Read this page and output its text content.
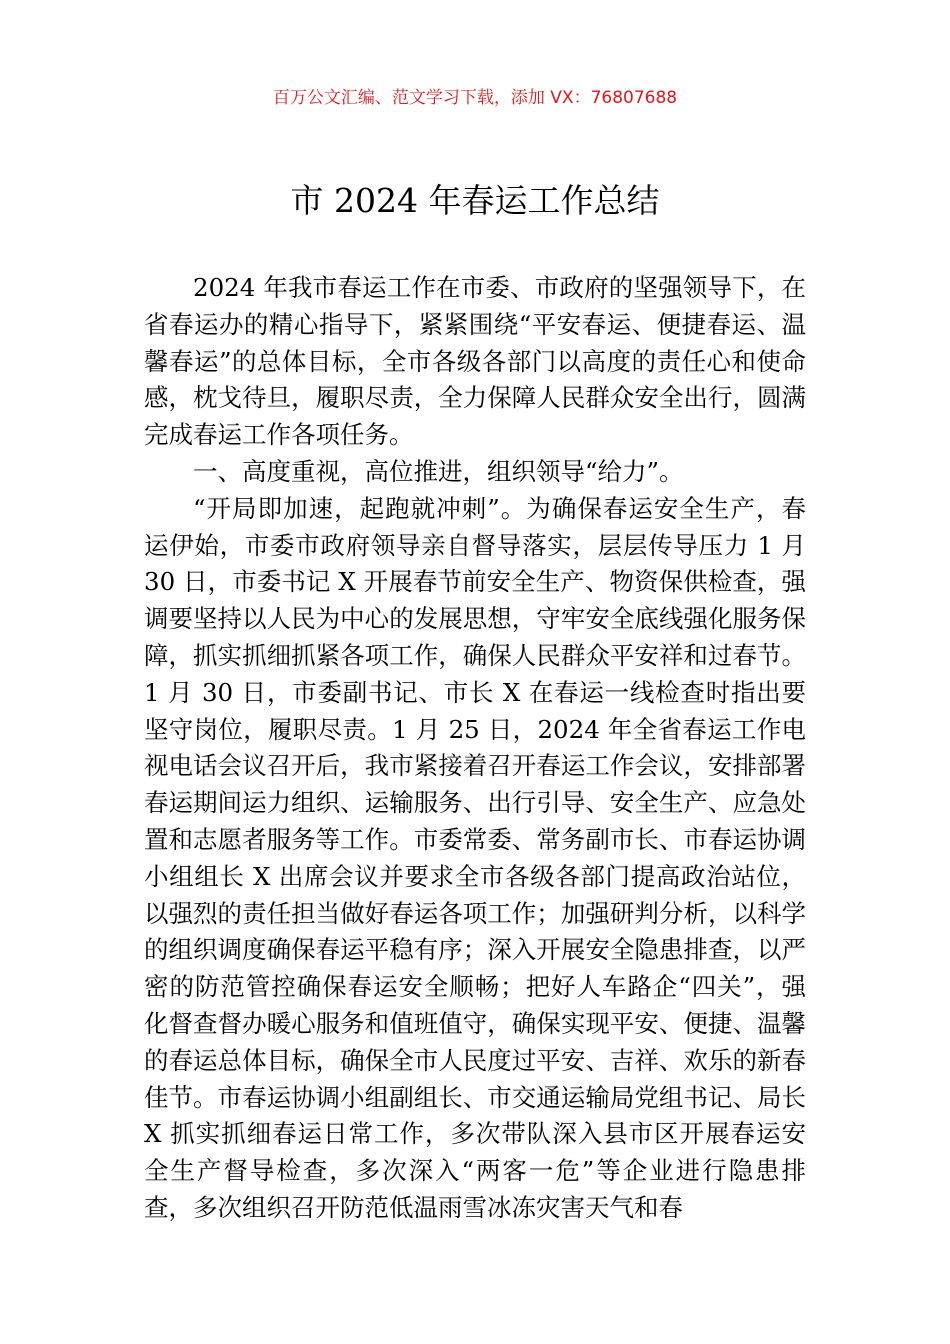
百万公文汇编、范文学习下载，添加 VX：76807688
市 2024 年春运工作总结

2024 年我市春运工作在市委、市政府的坚强领导下，在省春运办的精心指导下，紧紧围绕“平安春运、便捷春运、温馨春运”的总体目标，全市各级各部门以高度的责任心和使命感，枕戈待旦，履职尽责，全力保障人民群众安全出行，圆满完成春运工作各项任务。

一、高度重视，高位推进，组织领导“给力”。

“开局即加速，起跑就冲刺”。为确保春运安全生产，春运伊始，市委市政府领导亲自督导落实，层层传导压力 1 月 30 日，市委书记 X 开展春节前安全生产、物资保供检查，强调要坚持以人民为中心的发展思想，守牢安全底线强化服务保障，抓实抓细抓紧各项工作，确保人民群众平安祥和过春节。1 月 30 日，市委副书记、市长 X 在春运一线检查时指出要坚守岗位，履职尽责。1 月 25 日，2024 年全省春运工作电视电话会议召开后，我市紧接着召开春运工作会议，安排部署春运期间运力组织、运输服务、出行引导、安全生产、应急处置和志愿者服务等工作。市委常委、常务副市长、市春运协调小组组长 X 出席会议并要求全市各级各部门提高政治站位，以强烈的责任担当做好春运各项工作；加强研判分析，以科学的组织调度确保春运平稳有序；深入开展安全隐患排查，以严密的防范管控确保春运安全顺畅；把好人车路企“四关”，强化督查督办暖心服务和值班值守，确保实现平安、便捷、温馨的春运总体目标，确保全市人民度过平安、吉祥、欢乐的新春佳节。市春运协调小组副组长、市交通运输局党组书记、局长 X 抓实抓细春运日常工作，多次带队深入县市区开展春运安全生产督导检查，多次深入“两客一危”等企业进行隐患排查，多次组织召开防范低温雨雪冰冻灾害天气和春
